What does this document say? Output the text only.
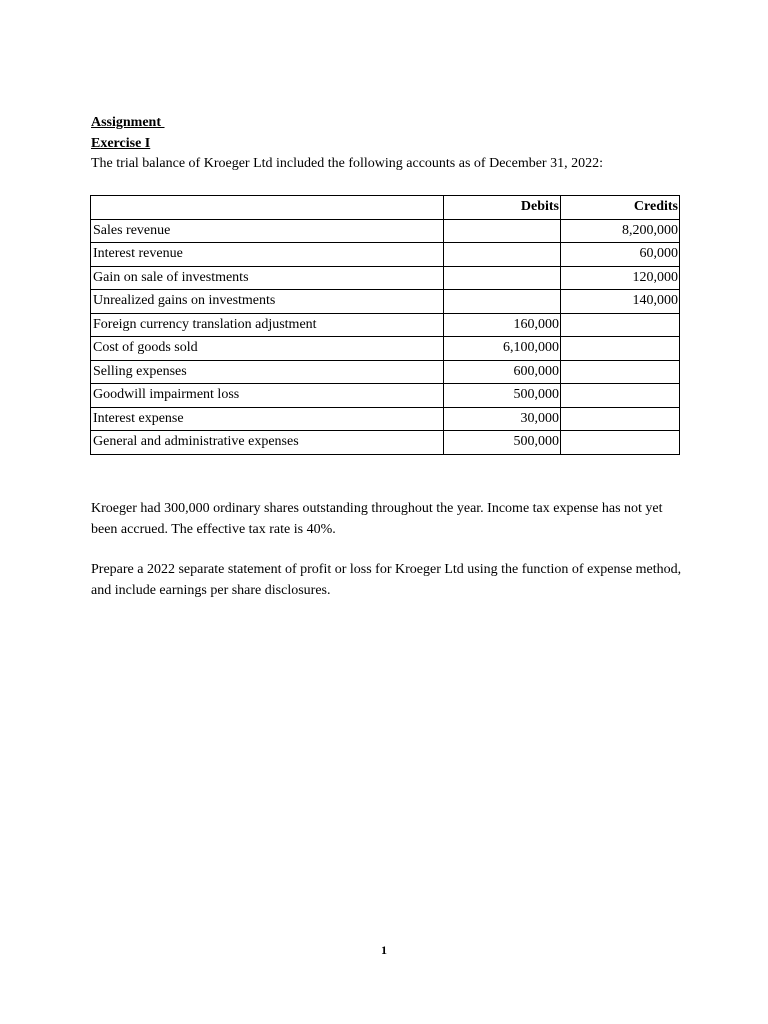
Assignment
Exercise I
The trial balance of Kroeger Ltd included the following accounts as of December 31, 2022:
	Debits	Credits
Sales revenue		8,200,000
Interest revenue		60,000
Gain on sale of investments		120,000
Unrealized gains on investments		140,000
Foreign currency translation adjustment	160,000	
Cost of goods sold	6,100,000	
Selling expenses	600,000	
Goodwill impairment loss	500,000	
Interest expense	30,000	
General and administrative expenses	500,000	
Kroeger had 300,000 ordinary shares outstanding throughout the year. Income tax expense has not yet been accrued. The effective tax rate is 40%.
Prepare a 2022 separate statement of profit or loss for Kroeger Ltd using the function of expense method, and include earnings per share disclosures.
1
